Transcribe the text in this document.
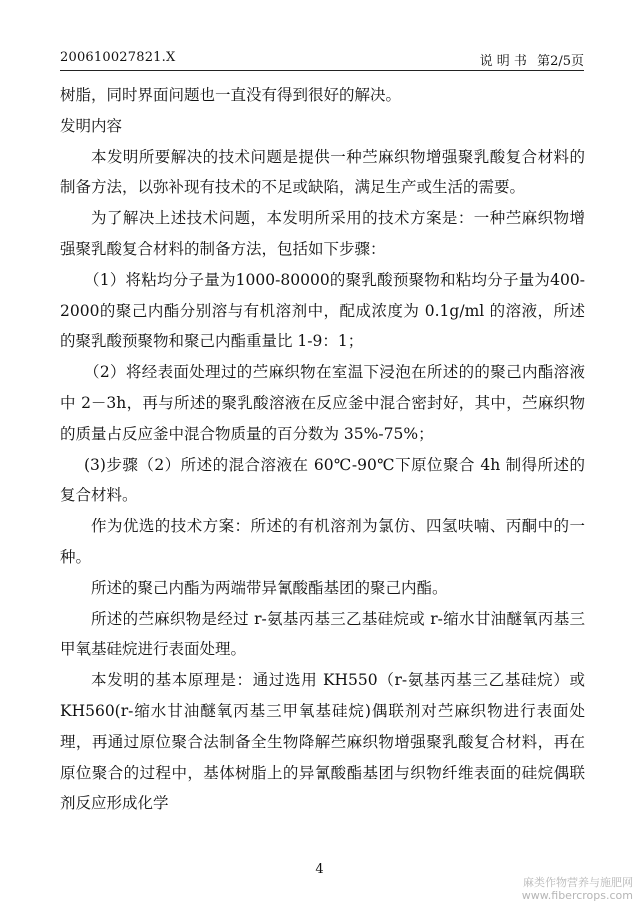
200610027821.X	说 明 书 第2/5页

树脂，同时界面问题也一直没有得到很好的解决。

发明内容

本发明所要解决的技术问题是提供一种苎麻织物增强聚乳酸复合材料的制备方法，以弥补现有技术的不足或缺陷，满足生产或生活的需要。

为了解决上述技术问题，本发明所采用的技术方案是：一种苎麻织物增强聚乳酸复合材料的制备方法，包括如下步骤：

（1）将粘均分子量为1000-80000的聚乳酸预聚物和粘均分子量为400-2000的聚己内酯分别溶与有机溶剂中，配成浓度为 0.1g/ml 的溶液，所述的聚乳酸预聚物和聚己内酯重量比 1-9：1；

（2）将经表面处理过的苎麻织物在室温下浸泡在所述的的聚己内酯溶液中 2－3h，再与所述的聚乳酸溶液在反应釜中混合密封好，其中，苎麻织物的质量占反应釜中混合物质量的百分数为 35%-75%；

(3)步骤（2）所述的混合溶液在 60℃-90℃下原位聚合 4h 制得所述的复合材料。

作为优选的技术方案：所述的有机溶剂为氯仿、四氢呋喃、丙酮中的一种。

所述的聚己内酯为两端带异氰酸酯基团的聚己内酯。

所述的苎麻织物是经过 r-氨基丙基三乙基硅烷或 r-缩水甘油醚氧丙基三甲氧基硅烷进行表面处理。

本发明的基本原理是：通过选用 KH550（r-氨基丙基三乙基硅烷）或 KH560(r-缩水甘油醚氧丙基三甲氧基硅烷)偶联剂对苎麻织物进行表面处理，再通过原位聚合法制备全生物降解苎麻织物增强聚乳酸复合材料，再在原位聚合的过程中，基体树脂上的异氰酸酯基团与织物纤维表面的硅烷偶联剂反应形成化学

4
麻类作物营养与施肥网
www.fibercrops.com
